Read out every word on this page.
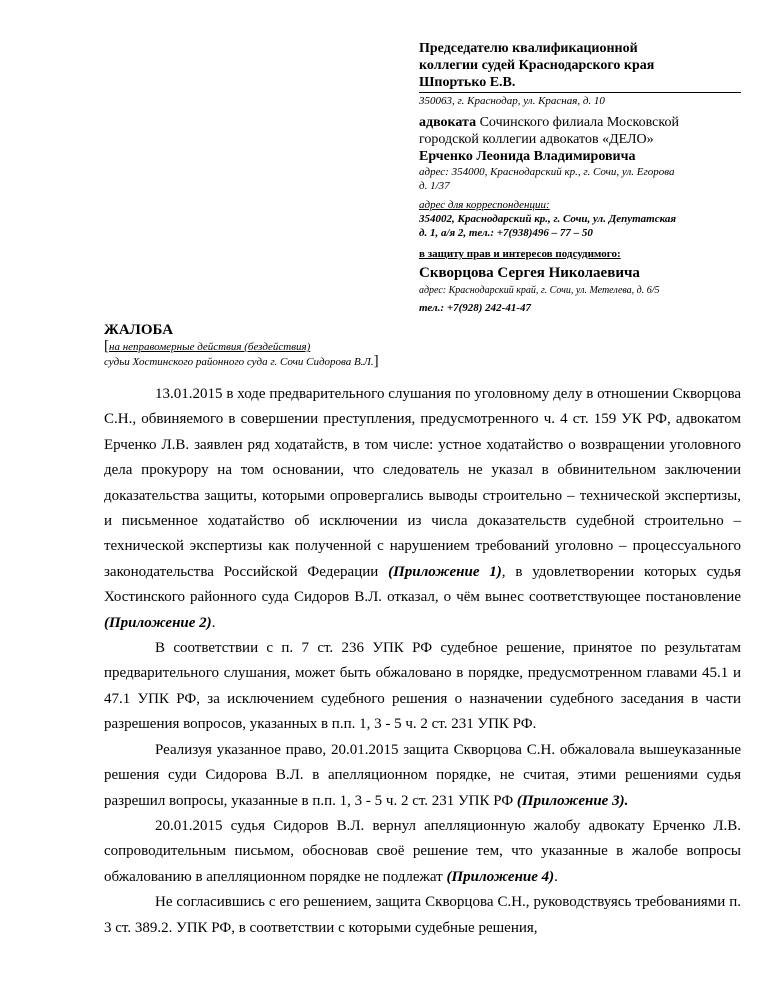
Председателю квалификационной
коллегии судей Краснодарского края
Шпортько Е.В.
350063, г. Краснодар, ул. Красная, д. 10
адвоката Сочинского филиала Московской
городской коллегии адвокатов «ДЕЛО»
Ерченко Леонида Владимировича
адрес: 354000, Краснодарский кр., г. Сочи, ул. Егорова
д. 1/37
адрес для корреспонденции:
354002, Краснодарский кр., г. Сочи, ул. Депутатская
д. 1, а/я 2, тел.: +7(938)496 – 77 – 50
в защиту прав и интересов подсудимого:
Скворцова Сергея Николаевича
адрес: Краснодарский край, г. Сочи, ул. Метелева, д. 6/5
тел.: +7(928) 242-41-47
ЖАЛОБА
[на неправомерные действия (бездействия)
судьи Хостинского районного суда г. Сочи Сидорова В.Л.]

13.01.2015 в ходе предварительного слушания по уголовному делу в отношении Скворцова С.Н., обвиняемого в совершении преступления, предусмотренного ч. 4 ст. 159 УК РФ, адвокатом Ерченко Л.В. заявлен ряд ходатайств, в том числе: устное ходатайство о возвращении уголовного дела прокурору на том основании, что следователь не указал в обвинительном заключении доказательства защиты, которыми опровергались выводы строительно – технической экспертизы, и письменное ходатайство об исключении из числа доказательств судебной строительно – технической экспертизы как полученной с нарушением требований уголовно – процессуального законодательства Российской Федерации (Приложение 1), в удовлетворении которых судья Хостинского районного суда Сидоров В.Л. отказал, о чём вынес соответствующее постановление (Приложение 2).

В соответствии с п. 7 ст. 236 УПК РФ судебное решение, принятое по результатам предварительного слушания, может быть обжаловано в порядке, предусмотренном главами 45.1 и 47.1 УПК РФ, за исключением судебного решения о назначении судебного заседания в части разрешения вопросов, указанных в п.п. 1, 3 - 5 ч. 2 ст. 231 УПК РФ.

Реализуя указанное право, 20.01.2015 защита Скворцова С.Н. обжаловала вышеуказанные решения суди Сидорова В.Л. в апелляционном порядке, не считая, этими решениями судья разрешил вопросы, указанные в п.п. 1, 3 - 5 ч. 2 ст. 231 УПК РФ (Приложение 3).

20.01.2015 судья Сидоров В.Л. вернул апелляционную жалобу адвокату Ерченко Л.В. сопроводительным письмом, обосновав своё решение тем, что указанные в жалобе вопросы обжалованию в апелляционном порядке не подлежат (Приложение 4).

Не согласившись с его решением, защита Скворцова С.Н., руководствуясь требованиями п. 3 ст. 389.2. УПК РФ, в соответствии с которыми судебные решения,
